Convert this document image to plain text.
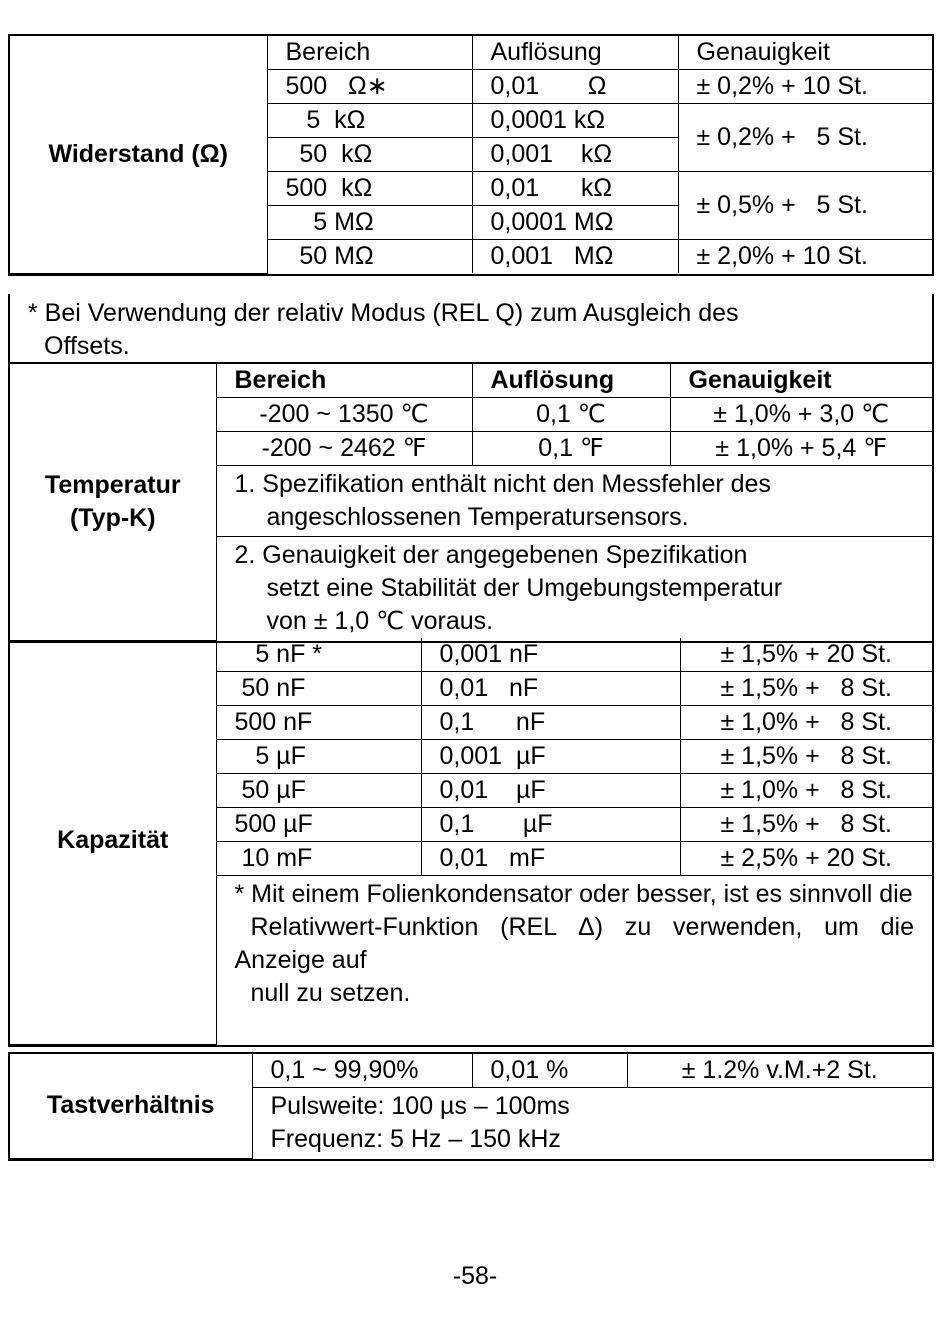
Widerstand (Ω)	Bereich	Auflösung	Genauigkeit
	500   Ω∗	0,01       Ω	± 0,2% + 10 St.
	5  kΩ	0,0001 kΩ	± 0,2% +   5 St.
	50  kΩ	0,001    kΩ	
	500  kΩ	0,01      kΩ	± 0,5% +   5 St.
	5 MΩ	0,0001 MΩ	
	50 MΩ	0,001   MΩ	± 2,0% + 10 St.
* Bei Verwendung der relativ Modus (REL Q) zum Ausgleich des
Offsets.
Temperatur
(Typ-K)	Bereich	Auflösung	Genauigkeit
	-200 ~ 1350 ℃	0,1 ℃	± 1,0% + 3,0 ℃
	-200 ~ 2462 ℉	0,1 ℉	± 1,0% + 5,4 ℉
	1. Spezifikation enthält nicht den Messfehler des
angeschlossenen Temperatursensors.		

	2. Genauigkeit der angegebenen Spezifikation
setzt eine Stabilität der Umgebungstemperatur
von ± 1,0 ℃ voraus.		
Kapazität	5 nF *	0,001 nF	± 1,5% + 20 St.
	50 nF	0,01   nF	± 1,5% +   8 St.
	500 nF	0,1      nF	± 1,0% +   8 St.
	5 µF	0,001  µF	± 1,5% +   8 St.
	50 µF	0,01    µF	± 1,0% +   8 St.
	500 µF	0,1       µF	± 1,5% +   8 St.
	10 mF	0,01   mF	± 2,5% + 20 St.

	* Mit einem Folienkondensator oder besser, ist es sinnvoll die
Relativwert-Funktion (REL Δ) zu verwenden, um die Anzeige auf
null zu setzen.		
Tastverhältnis	0,1 ~ 99,90%	0,01 %	± 1.2% v.M.+2 St.

Pulsweite: 100 µs – 100ms
Frequenz: 5 Hz – 150 kHz
-58-
